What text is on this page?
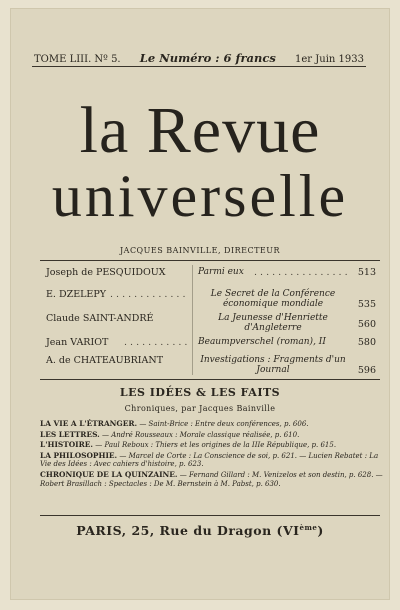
TOME LIII. Nº 5. Le Numéro : 6 francs 1er Juin 1933
la Revue
universelle
JACQUES BAINVILLE, DIRECTEUR
Joseph de PESQUIDOUX	Parmi eux . . . . . . . . . . . . . . . .	513
E. DZELEPY . . . . . . . . . . . . .	Le Secret de la Conférence économique mondiale	535
Claude SAINT-ANDRÉ	La Jeunesse d'Henriette d'Angleterre	560
Jean VARIOT . . . . . . . . . . . Beaumpverschel (roman), II	580
A. de CHATEAUBRIANT	Investigations : Fragments d'un Journal	596
LES IDÉES & LES FAITS
Chroniques, par Jacques Bainville
LA VIE A L'ÉTRANGER. — Saint-Brice : Entre deux conférences, p. 606.
LES LETTRES. — André Rousseaux : Morale classique réalisée, p. 610.
L'HISTOIRE. — Paul Reboux : Thiers et les origines de la IIIe République, p. 615.
LA PHILOSOPHIE. — Marcel de Corte : La Conscience de soi, p. 621. — Lucien Rebatet : La Vie des Idées : Avec cahiers d'histoire, p. 623.
CHRONIQUE DE LA QUINZAINE. — Fernand Gillard : M. Venizelos et son destin, p. 628. — Robert Brasillach : Spectacles : De M. Bernstein à M. Pabst, p. 630.
PARIS, 25, Rue du Dragon (VIème)
